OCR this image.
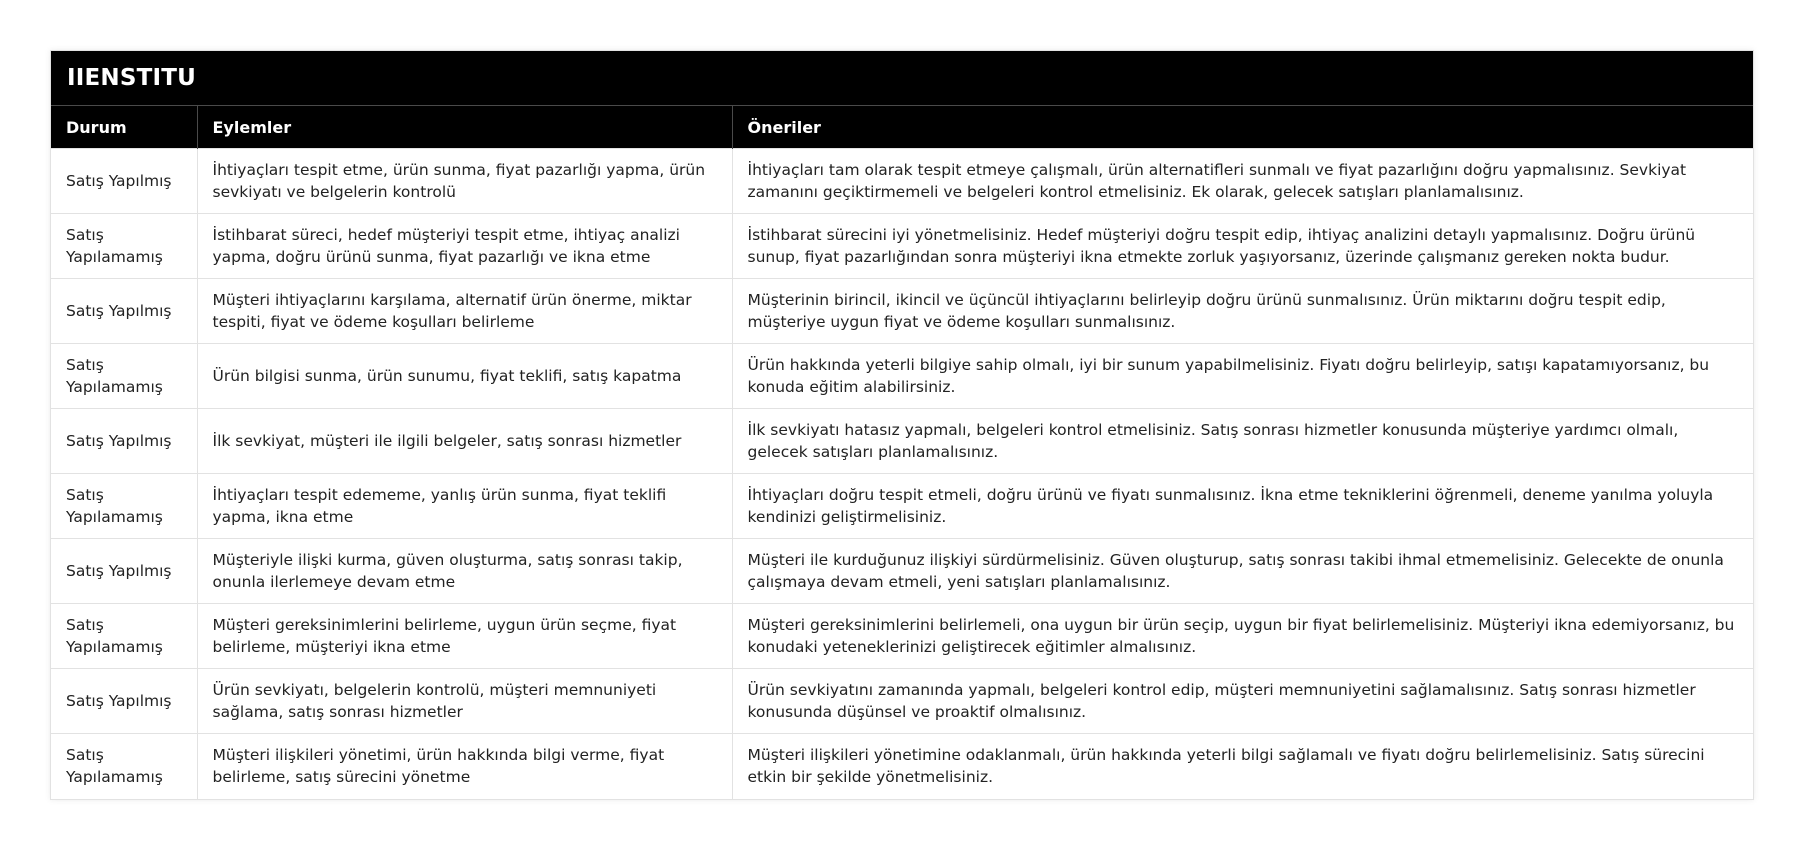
IIENSTITU
Durum	Eylemler	Öneriler
Satış Yapılmış	İhtiyaçları tespit etme, ürün sunma, fiyat pazarlığı yapma, ürün sevkiyatı ve belgelerin kontrolü	İhtiyaçları tam olarak tespit etmeye çalışmalı, ürün alternatifleri sunmalı ve fiyat pazarlığını doğru yapmalısınız. Sevkiyat zamanını geçiktirmemeli ve belgeleri kontrol etmelisiniz. Ek olarak, gelecek satışları planlamalısınız.
Satış Yapılamamış	İstihbarat süreci, hedef müşteriyi tespit etme, ihtiyaç analizi yapma, doğru ürünü sunma, fiyat pazarlığı ve ikna etme	İstihbarat sürecini iyi yönetmelisiniz. Hedef müşteriyi doğru tespit edip, ihtiyaç analizini detaylı yapmalısınız. Doğru ürünü sunup, fiyat pazarlığından sonra müşteriyi ikna etmekte zorluk yaşıyorsanız, üzerinde çalışmanız gereken nokta budur.
Satış Yapılmış	Müşteri ihtiyaçlarını karşılama, alternatif ürün önerme, miktar tespiti, fiyat ve ödeme koşulları belirleme	Müşterinin birincil, ikincil ve üçüncül ihtiyaçlarını belirleyip doğru ürünü sunmalısınız. Ürün miktarını doğru tespit edip, müşteriye uygun fiyat ve ödeme koşulları sunmalısınız.
Satış Yapılamamış	Ürün bilgisi sunma, ürün sunumu, fiyat teklifi, satış kapatma	Ürün hakkında yeterli bilgiye sahip olmalı, iyi bir sunum yapabilmelisiniz. Fiyatı doğru belirleyip, satışı kapatamıyorsanız, bu konuda eğitim alabilirsiniz.
Satış Yapılmış	İlk sevkiyat, müşteri ile ilgili belgeler, satış sonrası hizmetler	İlk sevkiyatı hatasız yapmalı, belgeleri kontrol etmelisiniz. Satış sonrası hizmetler konusunda müşteriye yardımcı olmalı, gelecek satışları planlamalısınız.
Satış Yapılamamış	İhtiyaçları tespit edememe, yanlış ürün sunma, fiyat teklifi yapma, ikna etme	İhtiyaçları doğru tespit etmeli, doğru ürünü ve fiyatı sunmalısınız. İkna etme tekniklerini öğrenmeli, deneme yanılma yoluyla kendinizi geliştirmelisiniz.
Satış Yapılmış	Müşteriyle ilişki kurma, güven oluşturma, satış sonrası takip, onunla ilerlemeye devam etme	Müşteri ile kurduğunuz ilişkiyi sürdürmelisiniz. Güven oluşturup, satış sonrası takibi ihmal etmemelisiniz. Gelecekte de onunla çalışmaya devam etmeli, yeni satışları planlamalısınız.
Satış Yapılamamış	Müşteri gereksinimlerini belirleme, uygun ürün seçme, fiyat belirleme, müşteriyi ikna etme	Müşteri gereksinimlerini belirlemeli, ona uygun bir ürün seçip, uygun bir fiyat belirlemelisiniz. Müşteriyi ikna edemiyorsanız, bu konudaki yeteneklerinizi geliştirecek eğitimler almalısınız.
Satış Yapılmış	Ürün sevkiyatı, belgelerin kontrolü, müşteri memnuniyeti sağlama, satış sonrası hizmetler	Ürün sevkiyatını zamanında yapmalı, belgeleri kontrol edip, müşteri memnuniyetini sağlamalısınız. Satış sonrası hizmetler konusunda düşünsel ve proaktif olmalısınız.
Satış Yapılamamış	Müşteri ilişkileri yönetimi, ürün hakkında bilgi verme, fiyat belirleme, satış sürecini yönetme	Müşteri ilişkileri yönetimine odaklanmalı, ürün hakkında yeterli bilgi sağlamalı ve fiyatı doğru belirlemelisiniz. Satış sürecini etkin bir şekilde yönetmelisiniz.
